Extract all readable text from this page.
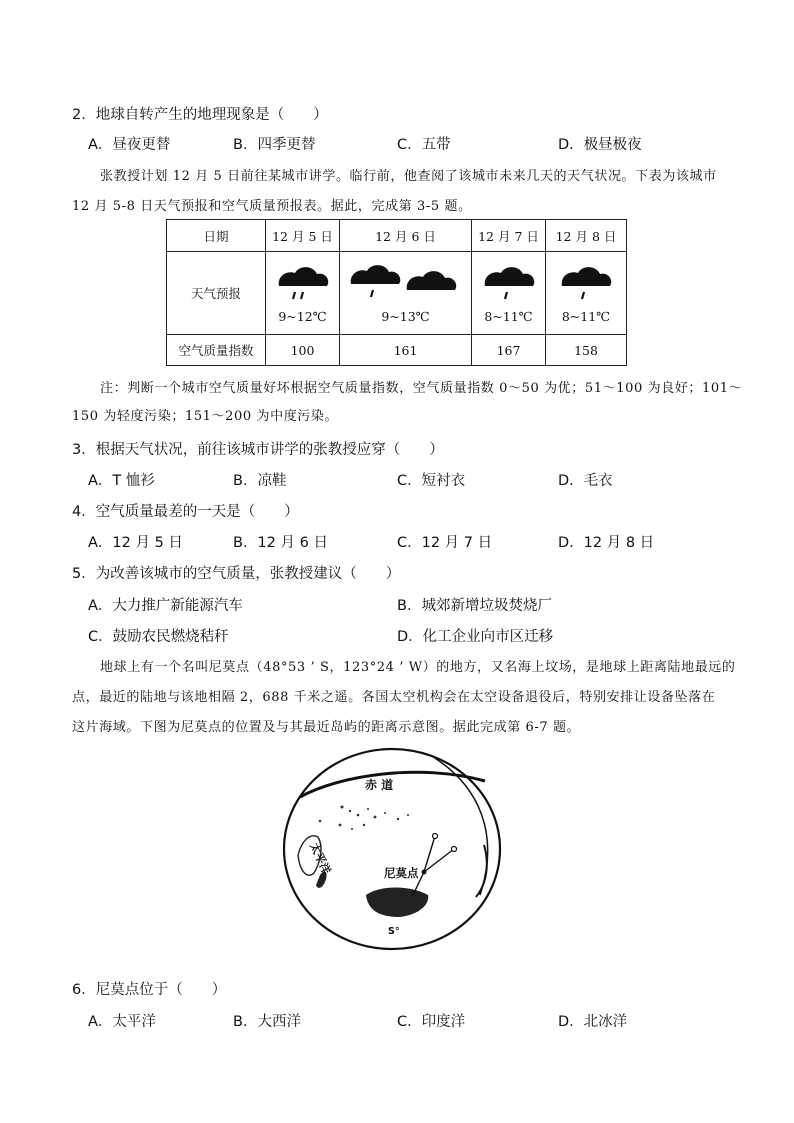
2．地球自转产生的地理现象是（　　）
A．昼夜更替	B．四季更替	C．五带	D．极昼极夜
张教授计划 12 月 5 日前往某城市讲学。临行前，他查阅了该城市未来几天的天气状况。下表为该城市
12 月 5-8 日天气预报和空气质量预报表。据此，完成第 3-5 题。
日期	12 月 5 日	12 月 6 日	12 月 7 日	12 月 8 日
天气预报	9~12℃	9~13℃	8~11℃	8~11℃

空气质量指数	100	161	167	158
注：判断一个城市空气质量好坏根据空气质量指数，空气质量指数 0～50 为优；51～100 为良好；101～
150 为轻度污染；151～200 为中度污染。
3．根据天气状况，前往该城市讲学的张教授应穿（　　）
A．T 恤衫	B．凉鞋	C．短衬衣	D．毛衣
4．空气质量最差的一天是（　　）
A．12 月 5 日	B．12 月 6 日	C．12 月 7 日	D．12 月 8 日
5．为改善该城市的空气质量，张教授建议（　　）
A．大力推广新能源汽车	B．城郊新增垃圾焚烧厂
C．鼓励农民燃烧秸秆	D．化工企业向市区迁移
地球上有一个名叫尼莫点（48°53 ’ S，123°24 ’ W）的地方，又名海上坟场，是地球上距离陆地最远的
点，最近的陆地与该地相隔 2，688 千米之遥。各国太空机构会在太空设备退役后，特别安排让设备坠落在
这片海域。下图为尼莫点的位置及与其最近岛屿的距离示意图。据此完成第 6-7 题。
赤 道
太平洋	尼莫点
S°
6．尼莫点位于（　　）
A．太平洋	B．大西洋	C．印度洋	D．北冰洋
